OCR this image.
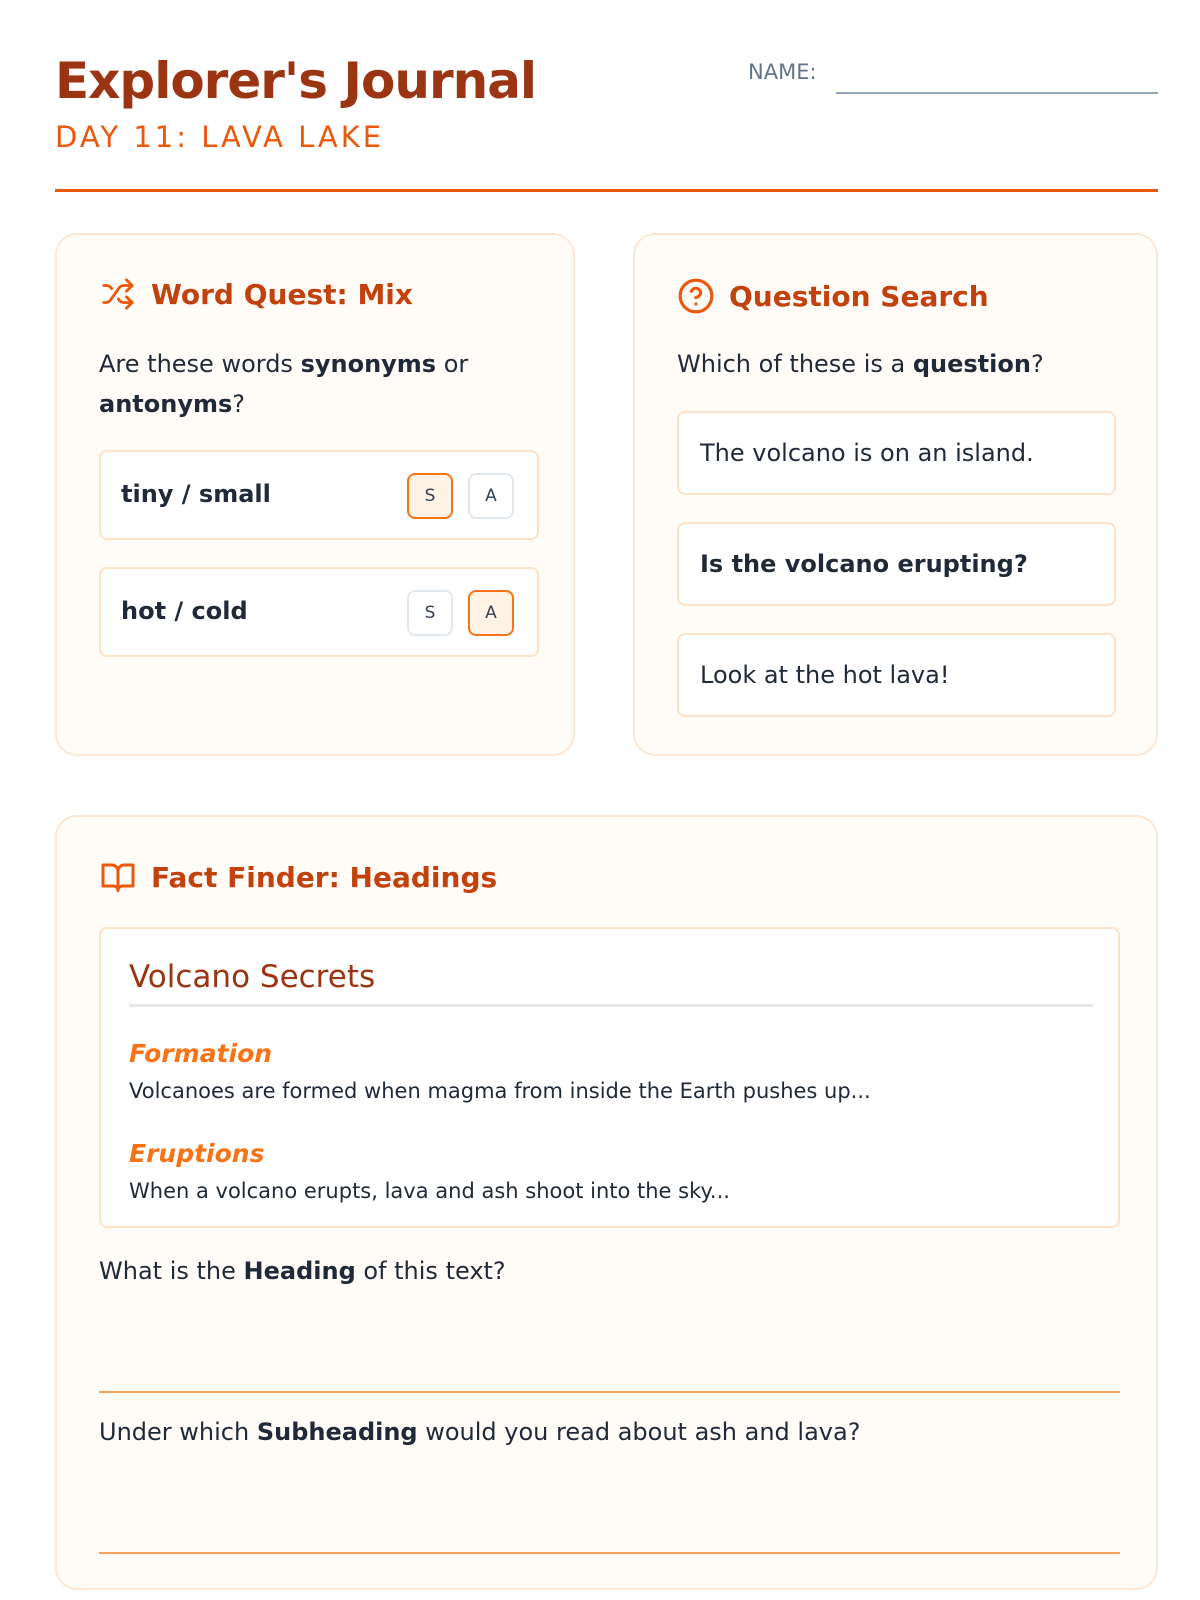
Explorer's Journal
DAY 11: LAVA LAKE
NAME:
Word Quest: Mix
Are these words synonyms or antonyms?
tiny / small	S	A
hot / cold	S	A
Question Search
Which of these is a question?
The volcano is on an island.
Is the volcano erupting?
Look at the hot lava!
Fact Finder: Headings
Volcano Secrets
Formation
Volcanoes are formed when magma from inside the Earth pushes up...
Eruptions
When a volcano erupts, lava and ash shoot into the sky...
What is the Heading of this text?
Under which Subheading would you read about ash and lava?
